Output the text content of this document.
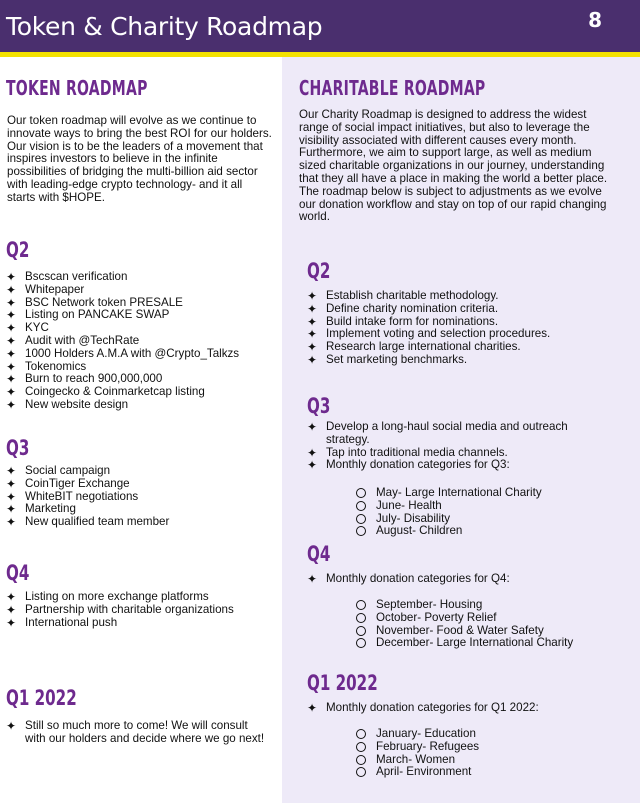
Token & Charity Roadmap	8
TOKEN ROADMAP

Our token roadmap will evolve as we continue to innovate ways to bring the best ROI for our holders. Our vision is to be the leaders of a movement that inspires investors to believe in the infinite possibilities of bridging the multi-billion aid sector with leading-edge crypto technology- and it all starts with $HOPE.

Q2
✦ Bscscan verification
✦ Whitepaper
✦ BSC Network token PRESALE
✦ Listing on PANCAKE SWAP
✦ KYC
✦ Audit with @TechRate
✦ 1000 Holders A.M.A with @Crypto_Talkzs
✦ Tokenomics
✦ Burn to reach 900,000,000
✦ Coingecko & Coinmarketcap listing
✦ New website design
Q3
✦ Social campaign
✦ CoinTiger Exchange
✦ WhiteBIT negotiations
✦ Marketing
✦ New qualified team member
Q4
✦ Listing on more exchange platforms
✦ Partnership with charitable organizations
✦ International push
Q1 2022
✦ Still so much more to come! We will consult with our holders and decide where we go next!
CHARITABLE ROADMAP

Our Charity Roadmap is designed to address the widest range of social impact initiatives, but also to leverage the visibility associated with different causes every month. Furthermore, we aim to support large, as well as medium sized charitable organizations in our journey, understanding that they all have a place in making the world a better place.

The roadmap below is subject to adjustments as we evolve our donation workflow and stay on top of our rapid changing world.

Q2
✦ Establish charitable methodology.
✦ Define charity nomination criteria.
✦ Build intake form for nominations.
✦ Implement voting and selection procedures.
✦ Research large international charities.
✦ Set marketing benchmarks.
Q3
✦ Develop a long-haul social media and outreach strategy.
✦ Tap into traditional media channels.
✦ Monthly donation categories for Q3:
May- Large International Charity
June- Health
July- Disability
August- Children
Q4
✦ Monthly donation categories for Q4:
September- Housing
October- Poverty Relief
November- Food & Water Safety
December- Large International Charity
Q1 2022
✦ Monthly donation categories for Q1 2022:
January- Education
February- Refugees
March- Women
April- Environment
